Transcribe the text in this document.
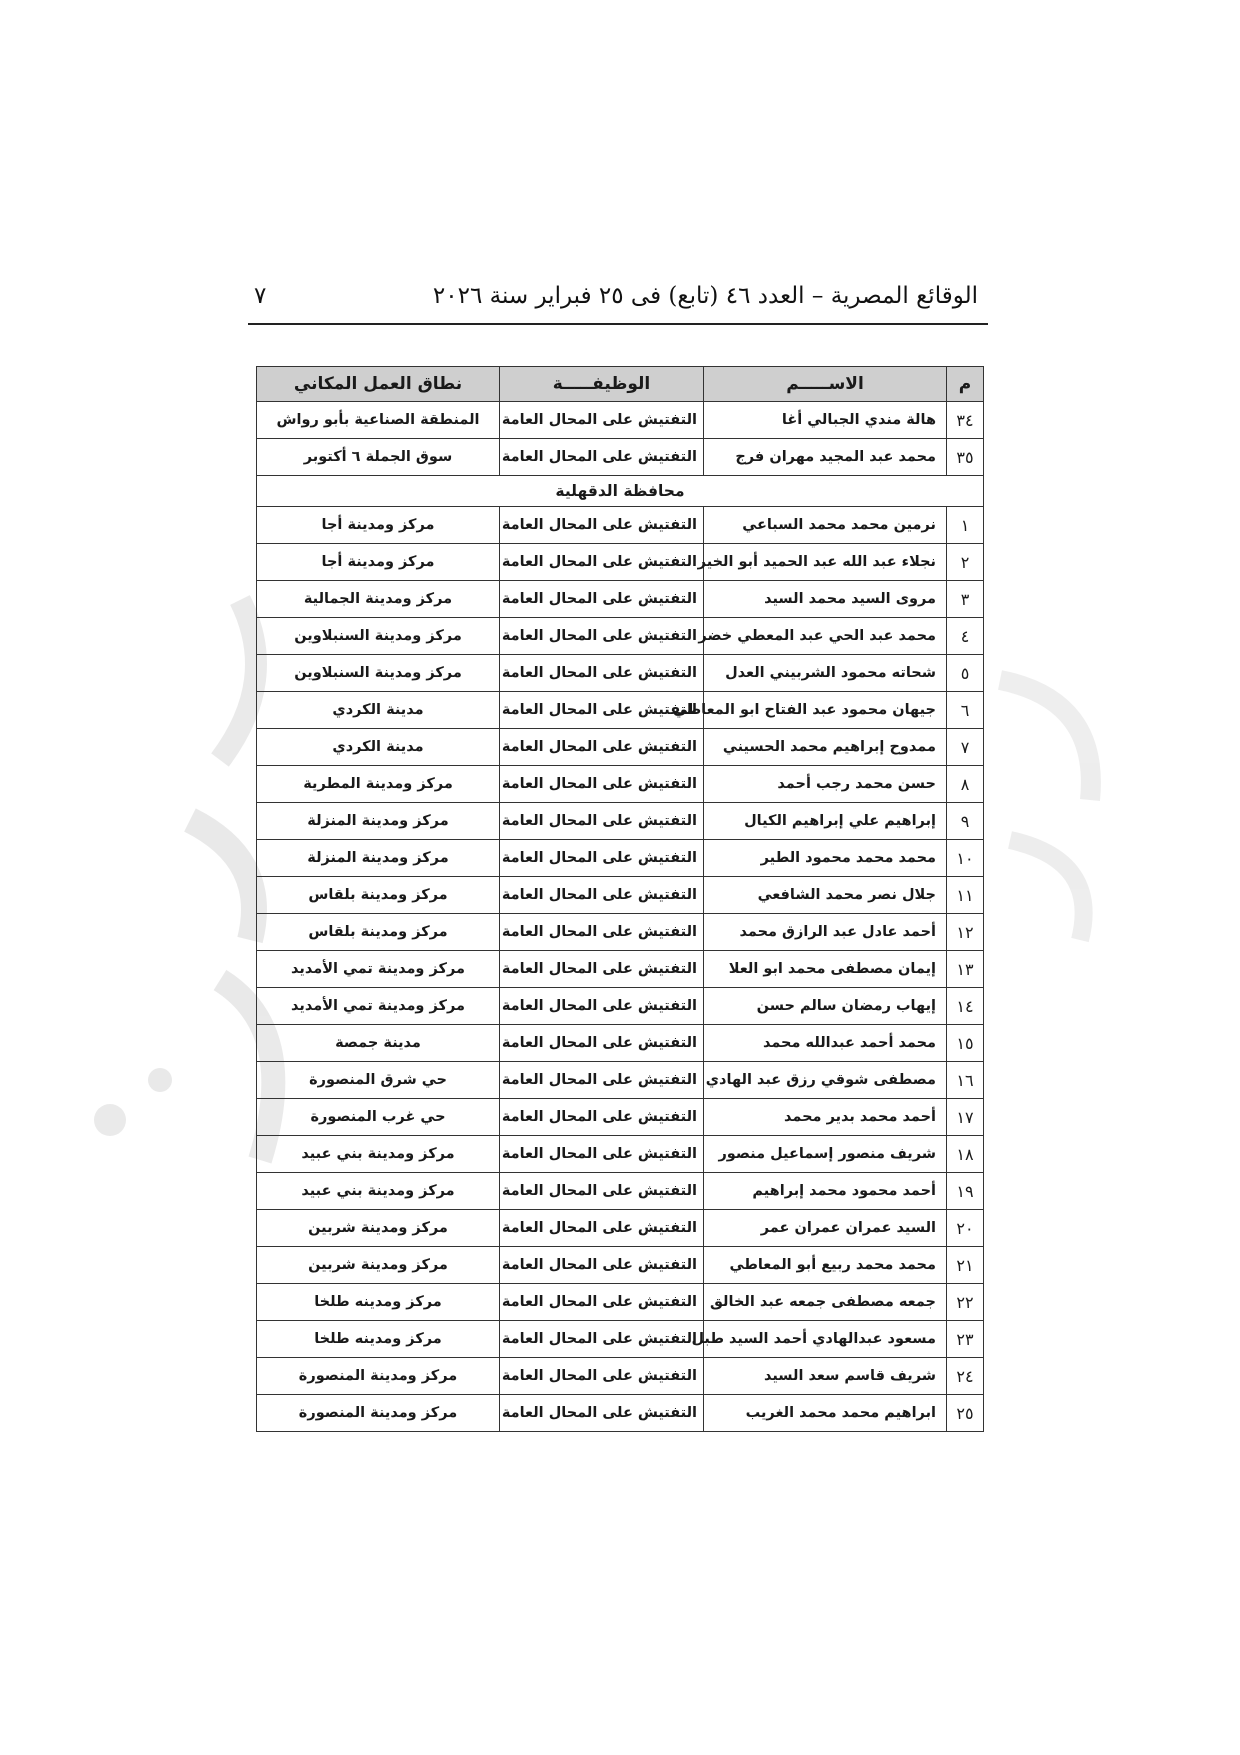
الوقائع المصرية – العدد ٤٦ (تابع) فى ٢٥ فبراير سنة ٢٠٢٦
٧
م	الاســـــم	الوظيفـــــة	نطاق العمل المكاني
٣٤	هالة مندي الجبالي أغا	التفتيش على المحال العامة	المنطقة الصناعية بأبو رواش
٣٥	محمد عبد المجيد مهران فرج	التفتيش على المحال العامة	سوق الجملة ٦ أكتوبر
محافظة الدقهلية			
١	نرمين محمد محمد السباعي	التفتيش على المحال العامة	مركز ومدينة أجا
٢	نجلاء عبد الله عبد الحميد أبو الخير	التفتيش على المحال العامة	مركز ومدينة أجا
٣	مروى السيد محمد السيد	التفتيش على المحال العامة	مركز ومدينة الجمالية
٤	محمد عبد الحي عبد المعطي خضر	التفتيش على المحال العامة	مركز ومدينة السنبلاوين
٥	شحاته محمود الشربيني العدل	التفتيش على المحال العامة	مركز ومدينة السنبلاوين
٦	جيهان محمود عبد الفتاح ابو المعاطي	التفتيش على المحال العامة	مدينة الكردي
٧	ممدوح إبراهيم محمد الحسيني	التفتيش على المحال العامة	مدينة الكردي
٨	حسن محمد رجب أحمد	التفتيش على المحال العامة	مركز ومدينة المطرية
٩	إبراهيم علي إبراهيم الكيال	التفتيش على المحال العامة	مركز ومدينة المنزلة
١٠	محمد محمد محمود الطير	التفتيش على المحال العامة	مركز ومدينة المنزلة
١١	جلال نصر محمد الشافعي	التفتيش على المحال العامة	مركز ومدينة بلقاس
١٢	أحمد عادل عبد الرازق محمد	التفتيش على المحال العامة	مركز ومدينة بلقاس
١٣	إيمان مصطفى محمد ابو العلا	التفتيش على المحال العامة	مركز ومدينة تمي الأمديد
١٤	إيهاب رمضان سالم حسن	التفتيش على المحال العامة	مركز ومدينة تمي الأمديد
١٥	محمد أحمد عبدالله محمد	التفتيش على المحال العامة	مدينة جمصة
١٦	مصطفى شوقي رزق عبد الهادي	التفتيش على المحال العامة	حي شرق المنصورة
١٧	أحمد محمد بدير محمد	التفتيش على المحال العامة	حي غرب المنصورة
١٨	شريف منصور إسماعيل منصور	التفتيش على المحال العامة	مركز ومدينة بني عبيد
١٩	أحمد محمود محمد إبراهيم	التفتيش على المحال العامة	مركز ومدينة بني عبيد
٢٠	السيد عمران عمران عمر	التفتيش على المحال العامة	مركز ومدينة شربين
٢١	محمد محمد ربيع أبو المعاطي	التفتيش على المحال العامة	مركز ومدينة شربين
٢٢	جمعه مصطفى جمعه عبد الخالق	التفتيش على المحال العامة	مركز ومدينه طلخا
٢٣	مسعود عبدالهادي أحمد السيد طبل	التفتيش على المحال العامة	مركز ومدينه طلخا
٢٤	شريف قاسم سعد السيد	التفتيش على المحال العامة	مركز ومدينة المنصورة
٢٥	ابراهيم محمد محمد الغريب	التفتيش على المحال العامة	مركز ومدينة المنصورة
